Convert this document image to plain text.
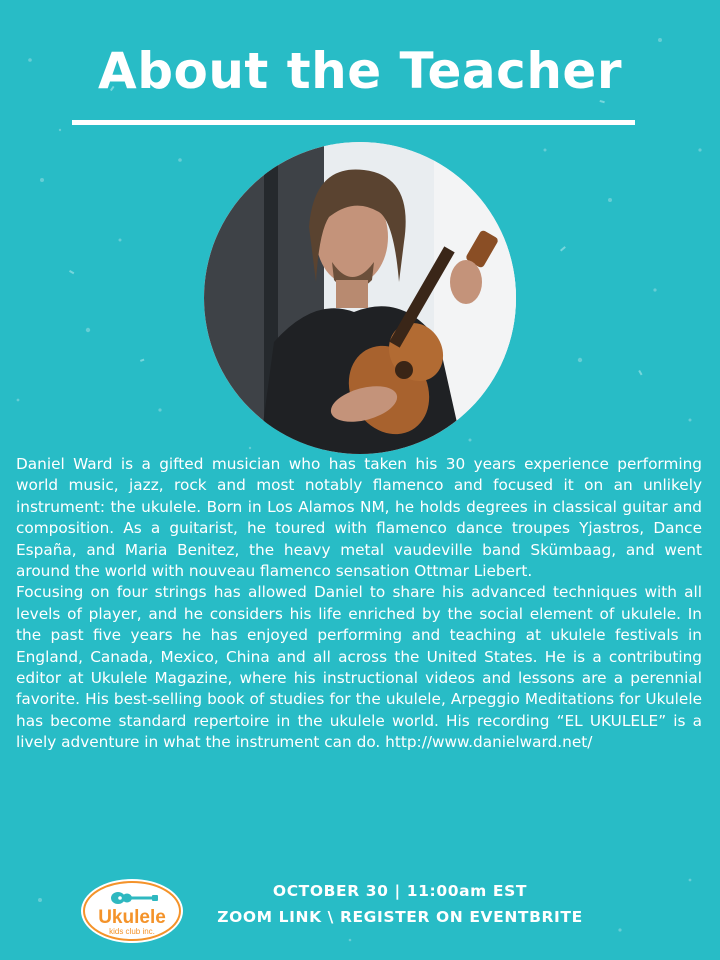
About the Teacher

Daniel Ward is a gifted musician who has taken his 30 years experience performing world music, jazz, rock and most notably flamenco and focused it on an unlikely instrument: the ukulele. Born in Los Alamos NM, he holds degrees in classical guitar and composition. As a guitarist, he toured with flamenco dance troupes Yjastros, Dance España, and Maria Benitez, the heavy metal vaudeville band Skümbaag, and went around the world with nouveau flamenco sensation Ottmar Liebert.

Focusing on four strings has allowed Daniel to share his advanced techniques with all levels of player, and he considers his life enriched by the social element of ukulele. In the past five years he has enjoyed performing and teaching at ukulele festivals in England, Canada, Mexico, China and all across the United States. He is a contributing editor at Ukulele Magazine, where his instructional videos and lessons are a perennial favorite. His best-selling book of studies for the ukulele, Arpeggio Meditations for Ukulele has become standard repertoire in the ukulele world. His recording “EL UKULELE” is a lively adventure in what the instrument can do. http://www.danielward.net/

Ukulele
kids club inc.
OCTOBER 30 | 11:00am EST
ZOOM LINK \ REGISTER ON EVENTBRITE
